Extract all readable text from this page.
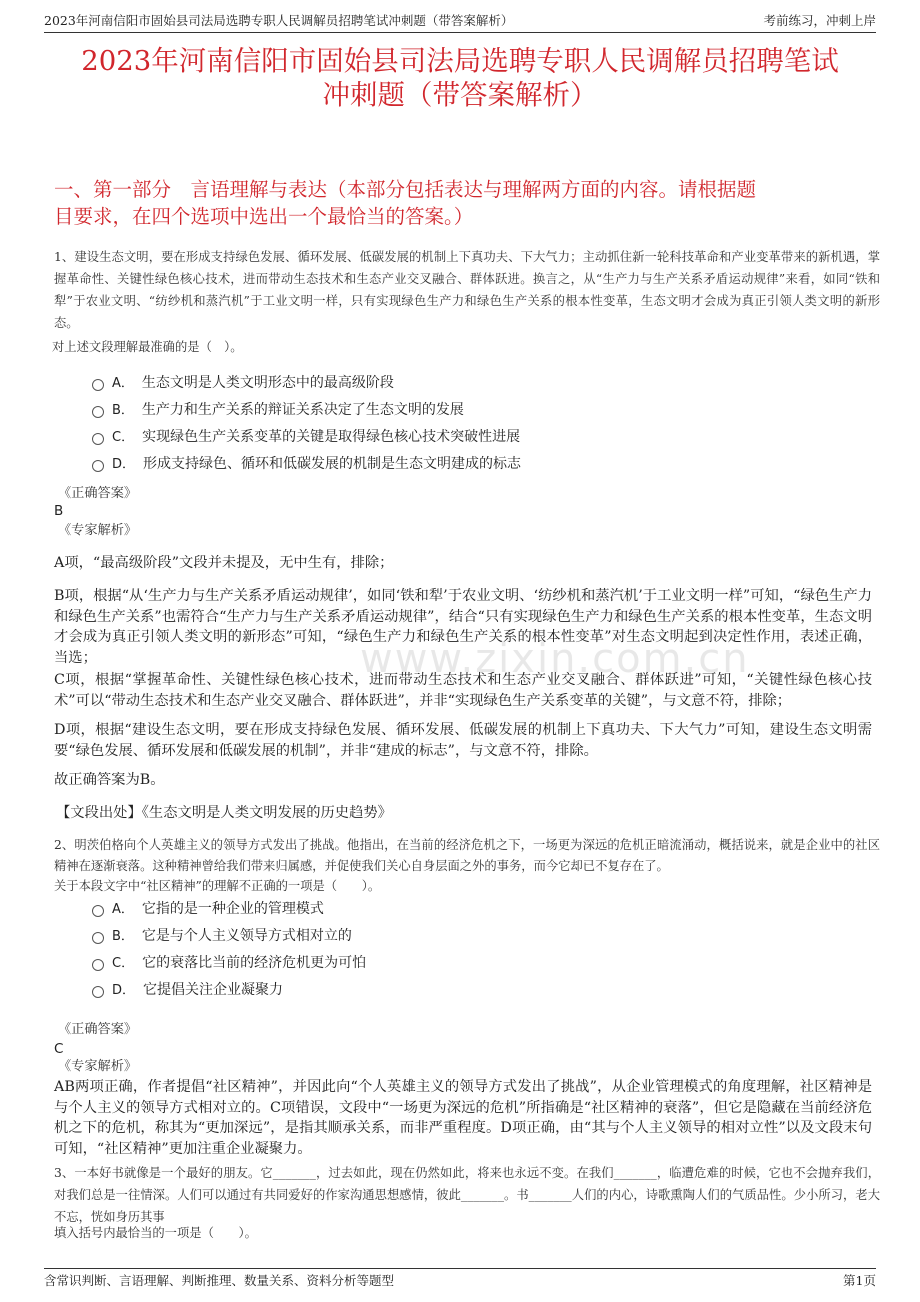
2023年河南信阳市固始县司法局选聘专职人民调解员招聘笔试冲刺题（带答案解析）	考前练习，冲刺上岸
2023年河南信阳市固始县司法局选聘专职人民调解员招聘笔试
冲刺题（带答案解析）
一、第一部分　言语理解与表达（本部分包括表达与理解两方面的内容。请根据题
目要求，在四个选项中选出一个最恰当的答案。）
www.zixin.com.cn

1、建设生态文明，要在形成支持绿色发展、循环发展、低碳发展的机制上下真功夫、下大气力；主动抓住新一轮科技革命和产业变革带来的新机遇，掌握革命性、关键性绿色核心技术，进而带动生态技术和生态产业交叉融合、群体跃进。换言之，从“生产力与生产关系矛盾运动规律”来看，如同“铁和犁”于农业文明、“纺纱机和蒸汽机”于工业文明一样，只有实现绿色生产力和绿色生产关系的根本性变革，生态文明才会成为真正引领人类文明的新形态。

对上述文段理解最准确的是（　）。

A． 生态文明是人类文明形态中的最高级阶段
B． 生产力和生产关系的辩证关系决定了生态文明的发展
C． 实现绿色生产关系变革的关键是取得绿色核心技术突破性进展
D． 形成支持绿色、循环和低碳发展的机制是生态文明建成的标志
《正确答案》
B
《专家解析》

A项，“最高级阶段”文段并未提及，无中生有，排除；

B项，根据“从‘生产力与生产关系矛盾运动规律’，如同‘铁和犁’于农业文明、‘纺纱机和蒸汽机’于工业文明一样”可知，“绿色生产力和绿色生产关系”也需符合“生产力与生产关系矛盾运动规律”，结合“只有实现绿色生产力和绿色生产关系的根本性变革，生态文明才会成为真正引领人类文明的新形态”可知，“绿色生产力和绿色生产关系的根本性变革”对生态文明起到决定性作用，表述正确，当选；

C项，根据“掌握革命性、关键性绿色核心技术，进而带动生态技术和生态产业交叉融合、群体跃进”可知，“关键性绿色核心技术”可以“带动生态技术和生态产业交叉融合、群体跃进”，并非“实现绿色生产关系变革的关键”，与文意不符，排除；

D项，根据“建设生态文明，要在形成支持绿色发展、循环发展、低碳发展的机制上下真功夫、下大气力”可知，建设生态文明需要“绿色发展、循环发展和低碳发展的机制”，并非“建成的标志”，与文意不符，排除。

故正确答案为B。

【文段出处】《生态文明是人类文明发展的历史趋势》

2、明茨伯格向个人英雄主义的领导方式发出了挑战。他指出，在当前的经济危机之下，一场更为深远的危机正暗流涌动，概括说来，就是企业中的社区精神在逐渐衰落。这种精神曾给我们带来归属感，并促使我们关心自身层面之外的事务，而今它却已不复存在了。

关于本段文字中“社区精神”的理解不正确的一项是（　　）。

A． 它指的是一种企业的管理模式
B． 它是与个人主义领导方式相对立的
C． 它的衰落比当前的经济危机更为可怕
D． 它提倡关注企业凝聚力
《正确答案》
C
《专家解析》

AB两项正确，作者提倡“社区精神”，并因此向“个人英雄主义的领导方式发出了挑战”，从企业管理模式的角度理解，社区精神是与个人主义的领导方式相对立的。C项错误，文段中“一场更为深远的危机”所指确是“社区精神的衰落”，但它是隐藏在当前经济危机之下的危机，称其为“更加深远”，是指其顺承关系，而非严重程度。D项正确，由“其与个人主义领导的相对立性”以及文段末句可知，“社区精神”更加注重企业凝聚力。

3、一本好书就像是一个最好的朋友。它_______，过去如此，现在仍然如此，将来也永远不变。在我们_______，临遭危难的时候，它也不会抛弃我们，对我们总是一往情深。人们可以通过有共同爱好的作家沟通思想感情，彼此_______。书_______人们的内心，诗歌熏陶人们的气质品性。少小所习，老大不忘，恍如身历其事

填入括号内最恰当的一项是（　　）。

含常识判断、言语理解、判断推理、数量关系、资料分析等题型	第1页
